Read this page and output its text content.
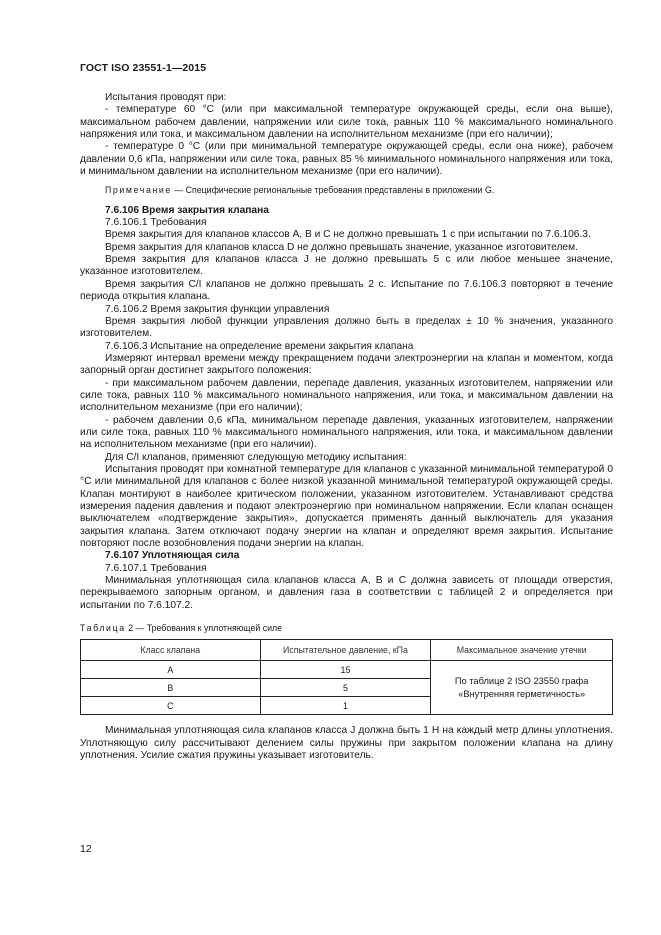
ГОСТ ISO 23551-1—2015

Испытания проводят при:

- температуре 60 °С (или при максимальной температуре окружающей среды, если она выше), максимальном рабочем давлении, напряжении или силе тока, равных 110 % максимального номинального напряжения или тока, и максимальном давлении на исполнительном механизме (при его наличии);

- температуре 0 °С (или при минимальной температуре окружающей среды, если она ниже), рабочем давлении 0,6 кПа, напряжении или силе тока, равных 85 % минимального номинального напряжения или тока, и минимальном давлении на исполнительном механизме (при его наличии).

Примечание — Специфические региональные требования представлены в приложении G.

7.6.106 Время закрытия клапана

7.6.106.1 Требования

Время закрытия для клапанов классов А, В и С не должно превышать 1 с при испытании по 7.6.106.3.

Время закрытия для клапанов класса D не должно превышать значение, указанное изготовителем.

Время закрытия для клапанов класса J не должно превышать 5 с или любое меньшее значение, указанное изготовителем.

Время закрытия С/I клапанов не должно превышать 2 с. Испытание по 7.6.106.3 повторяют в течение периода открытия клапана.

7.6.106.2 Время закрытия функции управления

Время закрытия любой функции управления должно быть в пределах ± 10 % значения, указанного изготовителем.

7.6.106.3 Испытание на определение времени закрытия клапана

Измеряют интервал времени между прекращением подачи электроэнергии на клапан и моментом, когда запорный орган достигнет закрытого положения:

- при максимальном рабочем давлении, перепаде давления, указанных изготовителем, напряжении или силе тока, равных 110 % максимального номинального напряжения, или тока, и максимальном давлении на исполнительном механизме (при его наличии);

- рабочем давлении 0,6 кПа, минимальном перепаде давления, указанных изготовителем, напряжении или силе тока, равных 110 % максимального номинального напряжения, или тока, и максимальном давлении на исполнительном механизме (при его наличии).

Для С/I клапанов, применяют следующую методику испытания:

Испытания проводят при комнатной температуре для клапанов с указанной минимальной температурой 0 °С или минимальной для клапанов с более низкой указанной минимальной температурой окружающей среды. Клапан монтируют в наиболее критическом положении, указанном изготовителем. Устанавливают средства измерения падения давления и подают электроэнергию при номинальном напряжении. Если клапан оснащен выключателем «подтверждение закрытия», допускается применять данный выключатель для указания закрытия клапана. Затем отключают подачу энергии на клапан и определяют время закрытия. Испытание повторяют после возобновления подачи энергии на клапан.

7.6.107 Уплотняющая сила

7.6.107.1 Требования

Минимальная уплотняющая сила клапанов класса А, В и С должна зависеть от площади отверстия, перекрываемого запорным органом, и давления газа в соответствии с таблицей 2 и определяется при испытании по 7.6.107.2.

Таблица 2 — Требования к уплотняющей силе
Класс клапана	Испытательное давление, кПа	Максимальное значение утечки
А	15	По таблице 2 ISO 23550 графа
«Внутренняя герметичность»
В	5	
С	1	

Минимальная уплотняющая сила клапанов класса J должна быть 1 Н на каждый метр длины уплотнения. Уплотняющую силу рассчитывают делением силы пружины при закрытом положении клапана на длину уплотнения. Усилие сжатия пружины указывает изготовитель.

12
